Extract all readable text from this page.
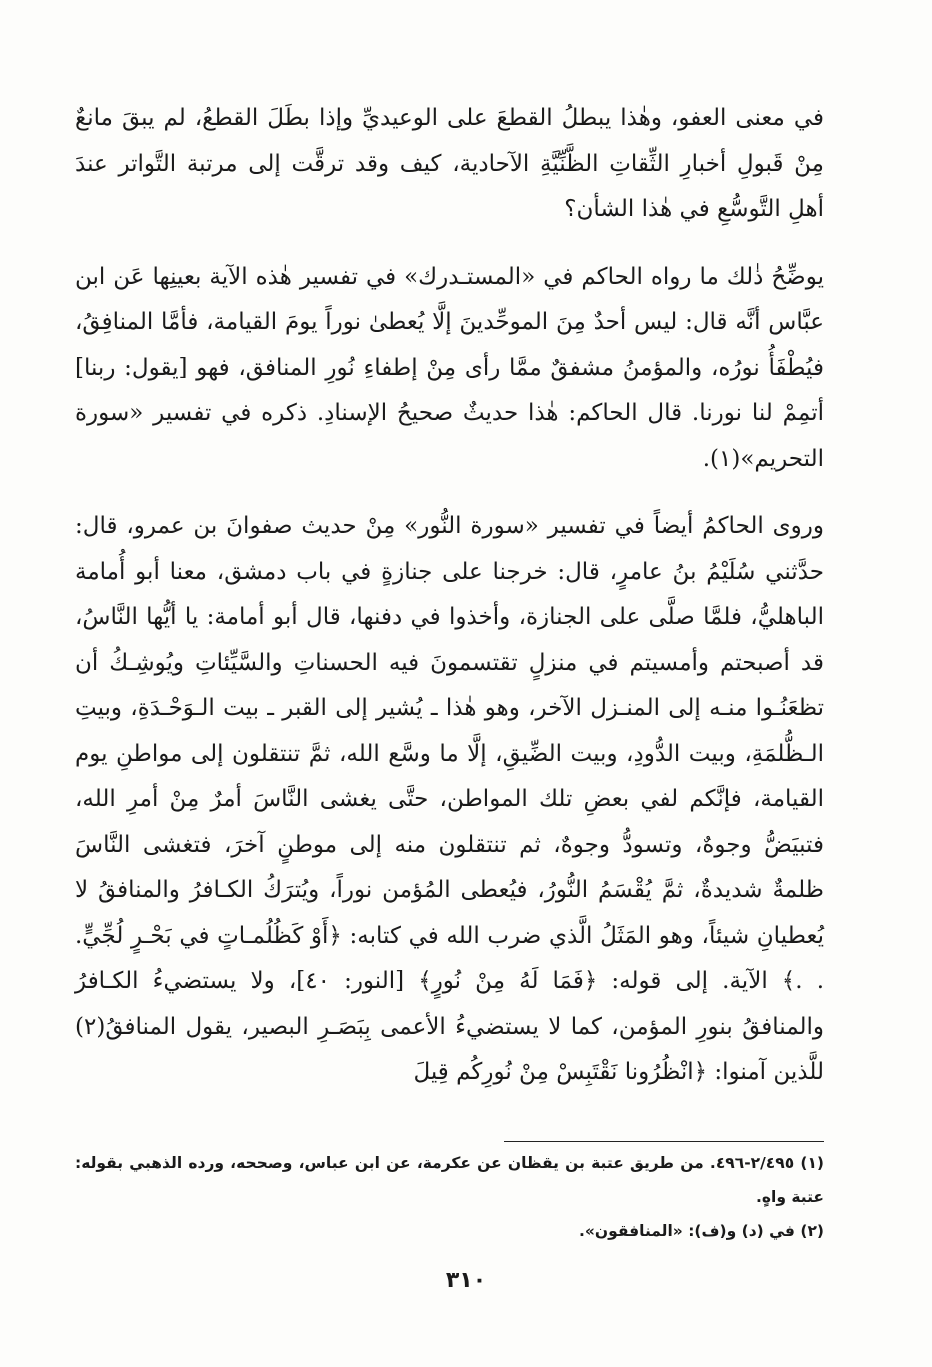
في معنى العفو، وهٰذا يبطلُ القطعَ على الوعيديِّ وإذا بطَلَ القطعُ، لم يبقَ مانعٌ مِنْ قَبولِ أخبارِ الثِّقاتِ الظَّنِّيَّةِ الآحادية، كيف وقد ترقَّت إلى مرتبة التَّواتر عندَ أهلِ التَّوسُّعِ في هٰذا الشأن؟

يوضِّحُ ذٰلك ما رواه الحاكم في «المستـدرك» في تفسير هٰذه الآية بعينِها عَن ابن عبَّاس أنَّه قال: ليس أحدٌ مِنَ الموحِّدينَ إلَّا يُعطىٰ نوراً يومَ القيامة، فأمَّا المنافِقُ، فيُطْفَأُ نورُه، والمؤمنُ مشفقٌ ممَّا رأى مِنْ إطفاءِ نُورِ المنافق، فهو [يقول: ربنا] أتمِمْ لنا نورنا. قال الحاكم: هٰذا حديثٌ صحيحُ الإسنادِ. ذكره في تفسير «سورة التحريم»(١).

وروى الحاكمُ أيضاً في تفسير «سورة النُّور» مِنْ حديث صفوانَ بن عمرو، قال: حدَّثني سُلَيْمُ بنُ عامرٍ، قال: خرجنا على جنازةٍ في باب دمشق، معنا أبو أُمامة الباهليُّ، فلمَّا صلَّى على الجنازة، وأخذوا في دفنها، قال أبو أمامة: يا أيُّها النَّاسُ، قد أصبحتم وأمسيتم في منزلٍ تقتسمونَ فيه الحسناتِ والسَّيِّئاتِ ويُوشِـكُ أن تظعَنُـوا منـه إلى المنـزل الآخر، وهو هٰذا ـ يُشير إلى القبر ـ بيت الـوَحْـدَةِ، وبيتِ الـظُّلمَةِ، وبيت الدُّودِ، وبيت الضِّيقِ، إلَّا ما وسَّع الله، ثمَّ تنتقلون إلى مواطنِ يوم القيامة، فإنَّكم لفي بعضِ تلك المواطن، حتَّى يغشى النَّاسَ أمرٌ مِنْ أمرِ الله، فتبيَضُّ وجوهٌ، وتسودُّ وجوهٌ، ثم تنتقلون منه إلى موطنٍ آخرَ، فتغشى النَّاسَ ظلمةٌ شديدةٌ، ثمَّ يُقْسَمُ النُّورُ، فيُعطى المُؤمن نوراً، ويُترَكُ الكـافرُ والمنافقُ لا يُعطيانِ شيئاً، وهو المَثَلُ الَّذي ضرب الله في كتابه: ﴿أَوْ كَظُلُمـاتٍ في بَحْـرٍ لُجِّيٍّ. . .﴾ الآية. إلى قوله: ﴿فَمَا لَهُ مِنْ نُورٍ﴾ [النور: ٤٠]، ولا يستضيءُ الكـافرُ والمنافقُ بنورِ المؤمن، كما لا يستضيءُ الأعمى بِبَصَـرِ البصير، يقول المنافقُ(٢) للَّذين آمنوا: ﴿انْظُرُونا نَقْتَبِسْ مِنْ نُورِكُم قِيلَ

(١) ٢/٤٩٥-٤٩٦. من طريق عتبة بن يقظان عن عكرمة، عن ابن عباس، وصححه، ورده الذهبي بقوله: عتبة واهٍ.

(٢) في (د) و(ف): «المنافقون».

٣١٠
